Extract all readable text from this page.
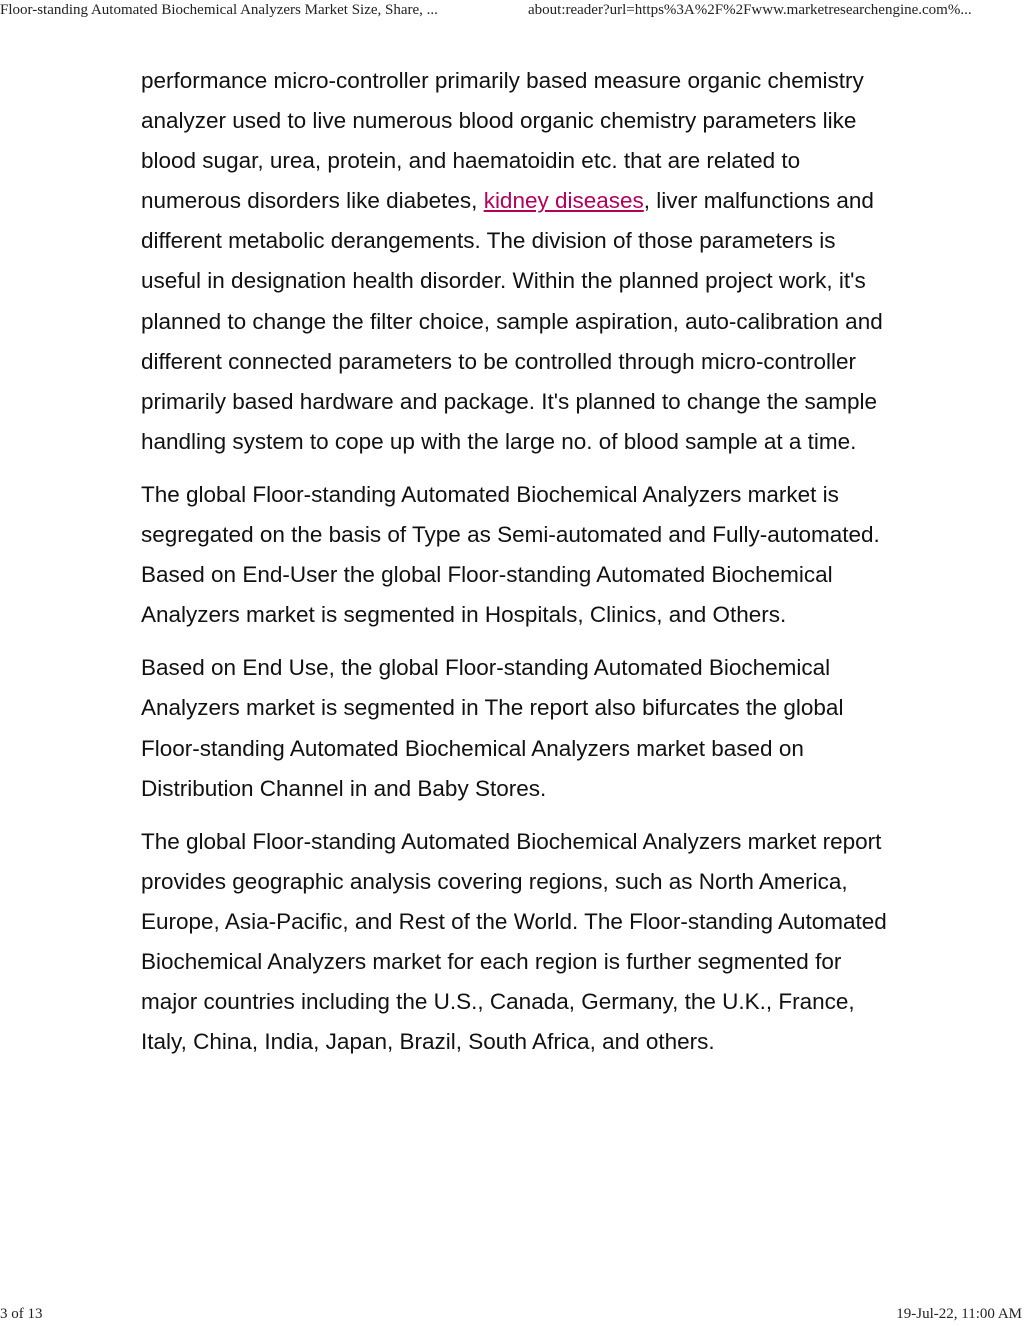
Floor-standing Automated Biochemical Analyzers Market Size, Share, ...	about:reader?url=https%3A%2F%2Fwww.marketresearchengine.com%...

performance micro-controller primarily based measure organic chemistry analyzer used to live numerous blood organic chemistry parameters like blood sugar, urea, protein, and haematoidin etc. that are related to numerous disorders like diabetes, kidney diseases, liver malfunctions and different metabolic derangements. The division of those parameters is useful in designation health disorder. Within the planned project work, it's planned to change the filter choice, sample aspiration, auto-calibration and different connected parameters to be controlled through micro-controller primarily based hardware and package. It's planned to change the sample handling system to cope up with the large no. of blood sample at a time.

The global Floor-standing Automated Biochemical Analyzers market is segregated on the basis of Type as Semi-automated and Fully-automated. Based on End-User the global Floor-standing Automated Biochemical Analyzers market is segmented in Hospitals, Clinics, and Others.

Based on End Use, the global Floor-standing Automated Biochemical Analyzers market is segmented in The report also bifurcates the global Floor-standing Automated Biochemical Analyzers market based on Distribution Channel in and Baby Stores.

The global Floor-standing Automated Biochemical Analyzers market report provides geographic analysis covering regions, such as North America, Europe, Asia-Pacific, and Rest of the World. The Floor-standing Automated Biochemical Analyzers market for each region is further segmented for major countries including the U.S., Canada, Germany, the U.K., France, Italy, China, India, Japan, Brazil, South Africa, and others.

3 of 13	19-Jul-22, 11:00 AM
